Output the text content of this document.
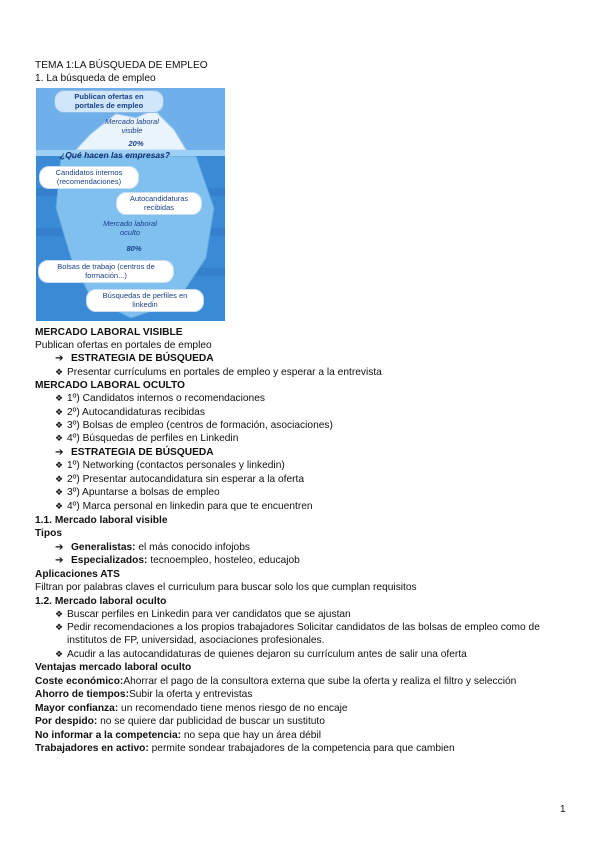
TEMA 1:LA BÚSQUEDA DE EMPLEO
1. La búsqueda de empleo
Publican ofertas en portales de empleo
Mercado laboral visible
20%
¿Qué hacen las empresas?
Candidatos internos (recomendaciones)
Autocandidaturas recibidas
Mercado laboral oculto
80%
Bolsas de trabajo (centros de formación...)
Búsquedas de perfiles en linkedin
MERCADO LABORAL VISIBLE
Publican ofertas en portales de empleo
➔ ESTRATEGIA DE BÚSQUEDA
❖ Presentar currículums en portales de empleo y esperar a la entrevista
MERCADO LABORAL OCULTO
❖ 1º) Candidatos internos o recomendaciones
❖ 2º) Autocandidaturas recibidas
❖ 3º) Bolsas de empleo (centros de formación, asociaciones)
❖ 4º) Búsquedas de perfiles en Linkedin
➔ ESTRATEGIA DE BÚSQUEDA
❖ 1º) Networking (contactos personales y linkedin)
❖ 2º) Presentar autocandidatura sin esperar a la oferta
❖ 3º) Apuntarse a bolsas de empleo
❖ 4º) Marca personal en linkedin para que te encuentren
1.1. Mercado laboral visible
Tipos
➔ Generalistas: el más conocido infojobs
➔ Especializados: tecnoempleo, hosteleo, educajob
Aplicaciones ATS
Filtran por palabras claves el curriculum para buscar solo los que cumplan requisitos
1.2. Mercado laboral oculto
❖ Buscar perfiles en Linkedin para ver candidatos que se ajustan
❖ Pedir recomendaciones a los propios trabajadores Solicitar candidatos de las bolsas de empleo como de institutos de FP, universidad, asociaciones profesionales.
❖ Acudir a las autocandidaturas de quienes dejaron su currículum antes de salir una oferta
Ventajas mercado laboral oculto
Coste económico:Ahorrar el pago de la consultora externa que sube la oferta y realiza el filtro y selección
Ahorro de tiempos:Subir la oferta y entrevistas
Mayor confianza: un recomendado tiene menos riesgo de no encaje
Por despido: no se quiere dar publicidad de buscar un sustituto
No informar a la competencia: no sepa que hay un área débil
Trabajadores en activo: permite sondear trabajadores de la competencia para que cambien
1
